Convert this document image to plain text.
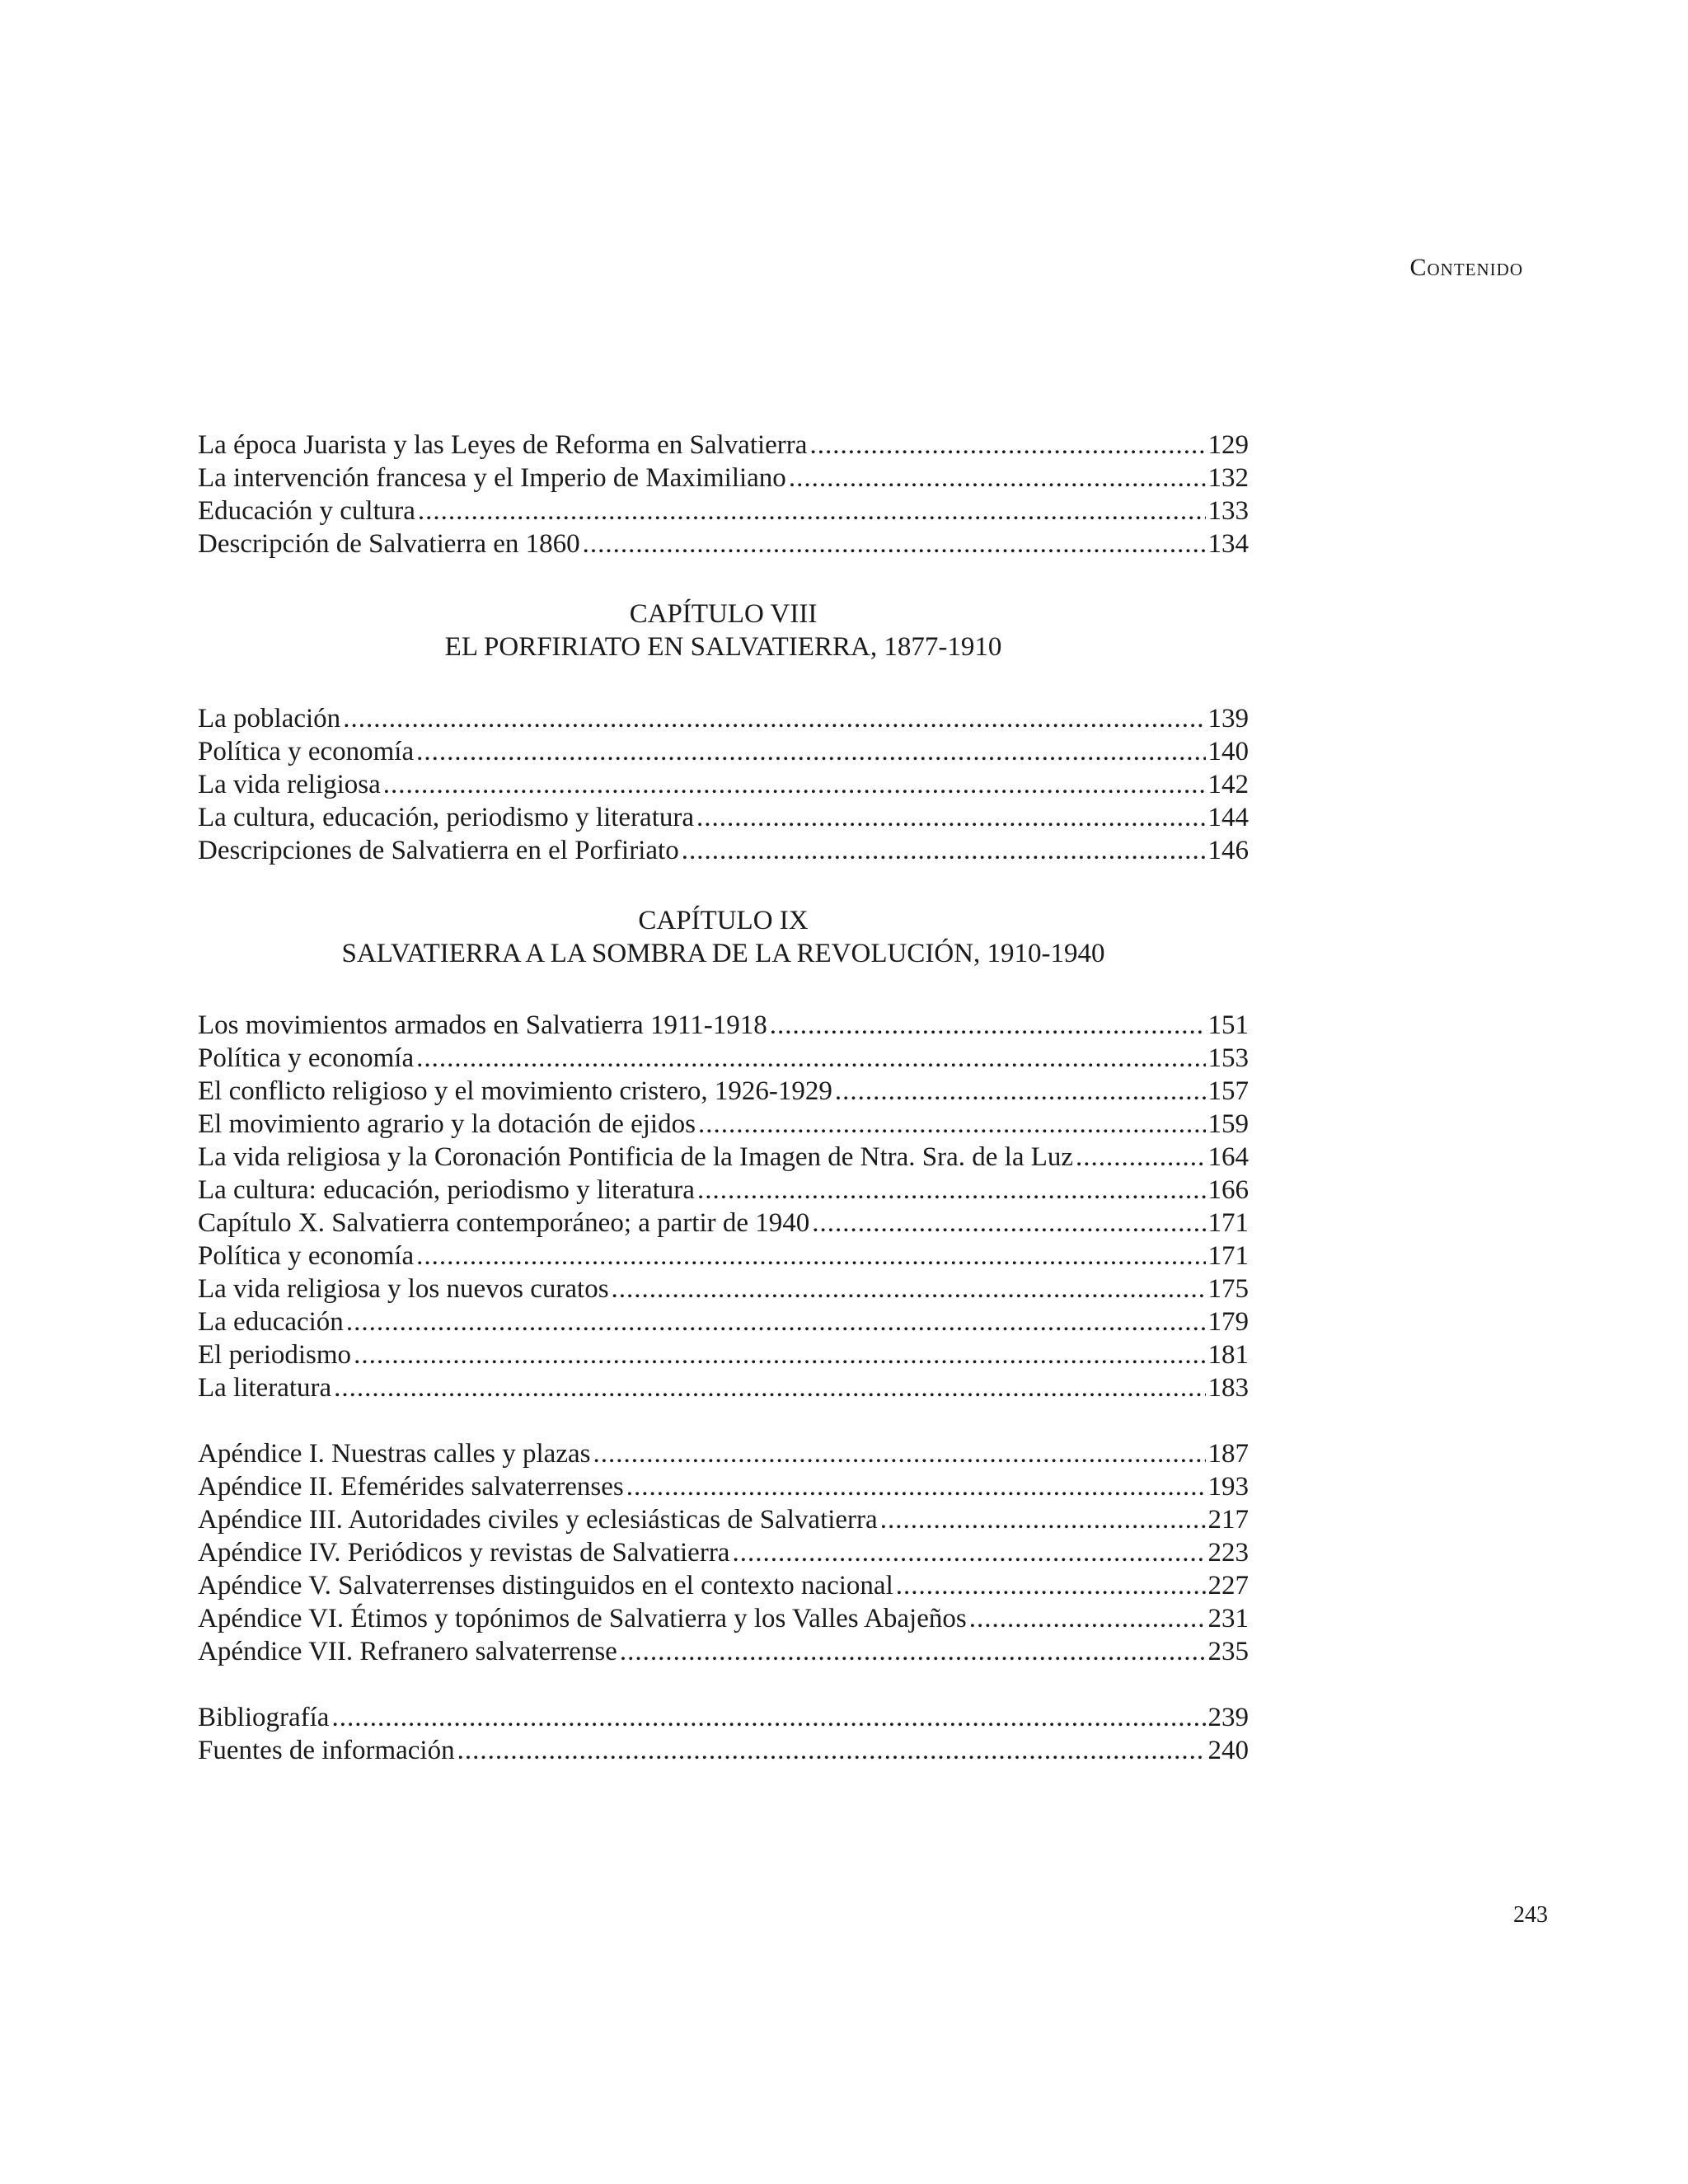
Contenido
La época Juarista y las Leyes de Reforma en Salvatierra .....	129
La intervención francesa y el Imperio de Maximiliano .....	132
Educación y cultura .....	133
Descripción de Salvatierra en 1860 .....	134
CAPÍTULO VIII
EL PORFIRIATO EN SALVATIERRA, 1877-1910
La población .....	139
Política y economía .....	140
La vida religiosa .....	142
La cultura, educación, periodismo y literatura .....	144
Descripciones de Salvatierra en el Porfiriato .....	146
CAPÍTULO IX
SALVATIERRA A LA SOMBRA DE LA REVOLUCIÓN, 1910-1940
Los movimientos armados en Salvatierra 1911-1918 .....	151
Política y economía .....	153
El conflicto religioso y el movimiento cristero, 1926-1929 .....	157
El movimiento agrario y la dotación de ejidos .....	159
La vida religiosa y la Coronación Pontificia de la Imagen de Ntra. Sra. de la Luz .....	164
La cultura: educación, periodismo y literatura .....	166
Capítulo X. Salvatierra contemporáneo; a partir de 1940 .....	171
Política y economía .....	171
La vida religiosa y los nuevos curatos .....	175
La educación .....	179
El periodismo .....	181
La literatura .....	183
Apéndice I. Nuestras calles y plazas .....	187
Apéndice II. Efemérides salvaterrenses .....	193
Apéndice III. Autoridades civiles y eclesiásticas de Salvatierra .....	217
Apéndice IV. Periódicos y revistas de Salvatierra .....	223
Apéndice V. Salvaterrenses distinguidos en el contexto nacional .....	227
Apéndice VI. Étimos y topónimos de Salvatierra y los Valles Abajeños .....	231
Apéndice VII. Refranero salvaterrense .....	235
Bibliografía .....	239
Fuentes de información .....	240
243
